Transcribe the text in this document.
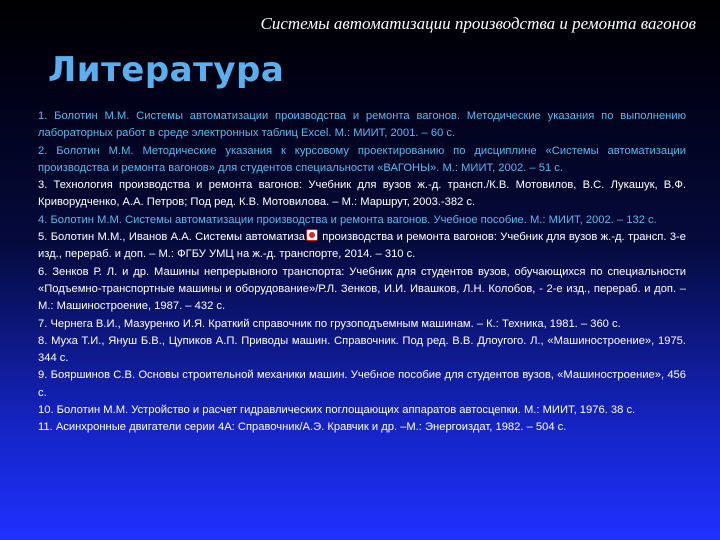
Системы автоматизации производства и ремонта вагонов
Литература

1. Болотин М.М. Системы автоматизации производства и ремонта вагонов. Методические указания по выполнению лабораторных работ в среде электронных таблиц Excel. М.: МИИТ, 2001. – 60 с.

2. Болотин М.М. Методические указания к курсовому проектированию по дисциплине «Системы автоматизации производства и ремонта вагонов» для студентов специальности «ВАГОНЫ». М.: МИИТ, 2002. – 51 с.

3. Технология производства и ремонта вагонов: Учебник для вузов ж.-д. трансп./К.В. Мотовилов, В.С. Лукашук, В.Ф. Криворудченко, А.А. Петров; Под ред. К.В. Мотовилова. – М.: Маршрут, 2003.-382 с.

4. Болотин М.М. Системы автоматизации производства и ремонта вагонов. Учебное пособие. М.: МИИТ, 2002. – 132 с.

5. Болотин М.М., Иванов А.А. Системы автоматиза производства и ремонта вагонов: Учебник для вузов ж.-д. трансп. 3-е изд., перераб. и доп. – М.: ФГБУ УМЦ на ж.-д. транспорте, 2014. – 310 с.

6. Зенков Р. Л. и др. Машины непрерывного транспорта: Учебник для студентов вузов, обучающихся по специальности «Подъемно-транспортные машины и оборудование»/Р.Л. Зенков, И.И. Ивашков, Л.Н. Колобов, - 2-е изд., перераб. и доп. – М.: Машиностроение, 1987. – 432 с.

7. Чернега В.И., Мазуренко И.Я. Краткий справочник по грузоподъемным машинам. – К.: Техника, 1981. – 360 с.

8. Муха Т.И., Януш Б.В., Цупиков А.П. Приводы машин. Справочник. Под ред. В.В. Длоугого. Л., «Машиностроение», 1975. 344 с.

9. Бояршинов С.В. Основы строительной механики машин. Учебное пособие для студентов вузов, «Машиностроение», 456 с.

10. Болотин М.М. Устройство и расчет гидравлических поглощающих аппаратов автосцепки. М.: МИИТ, 1976. 38 с.

11. Асинхронные двигатели серии 4А: Справочник/А.Э. Кравчик и др. –М.: Энергоиздат, 1982. – 504 с.
